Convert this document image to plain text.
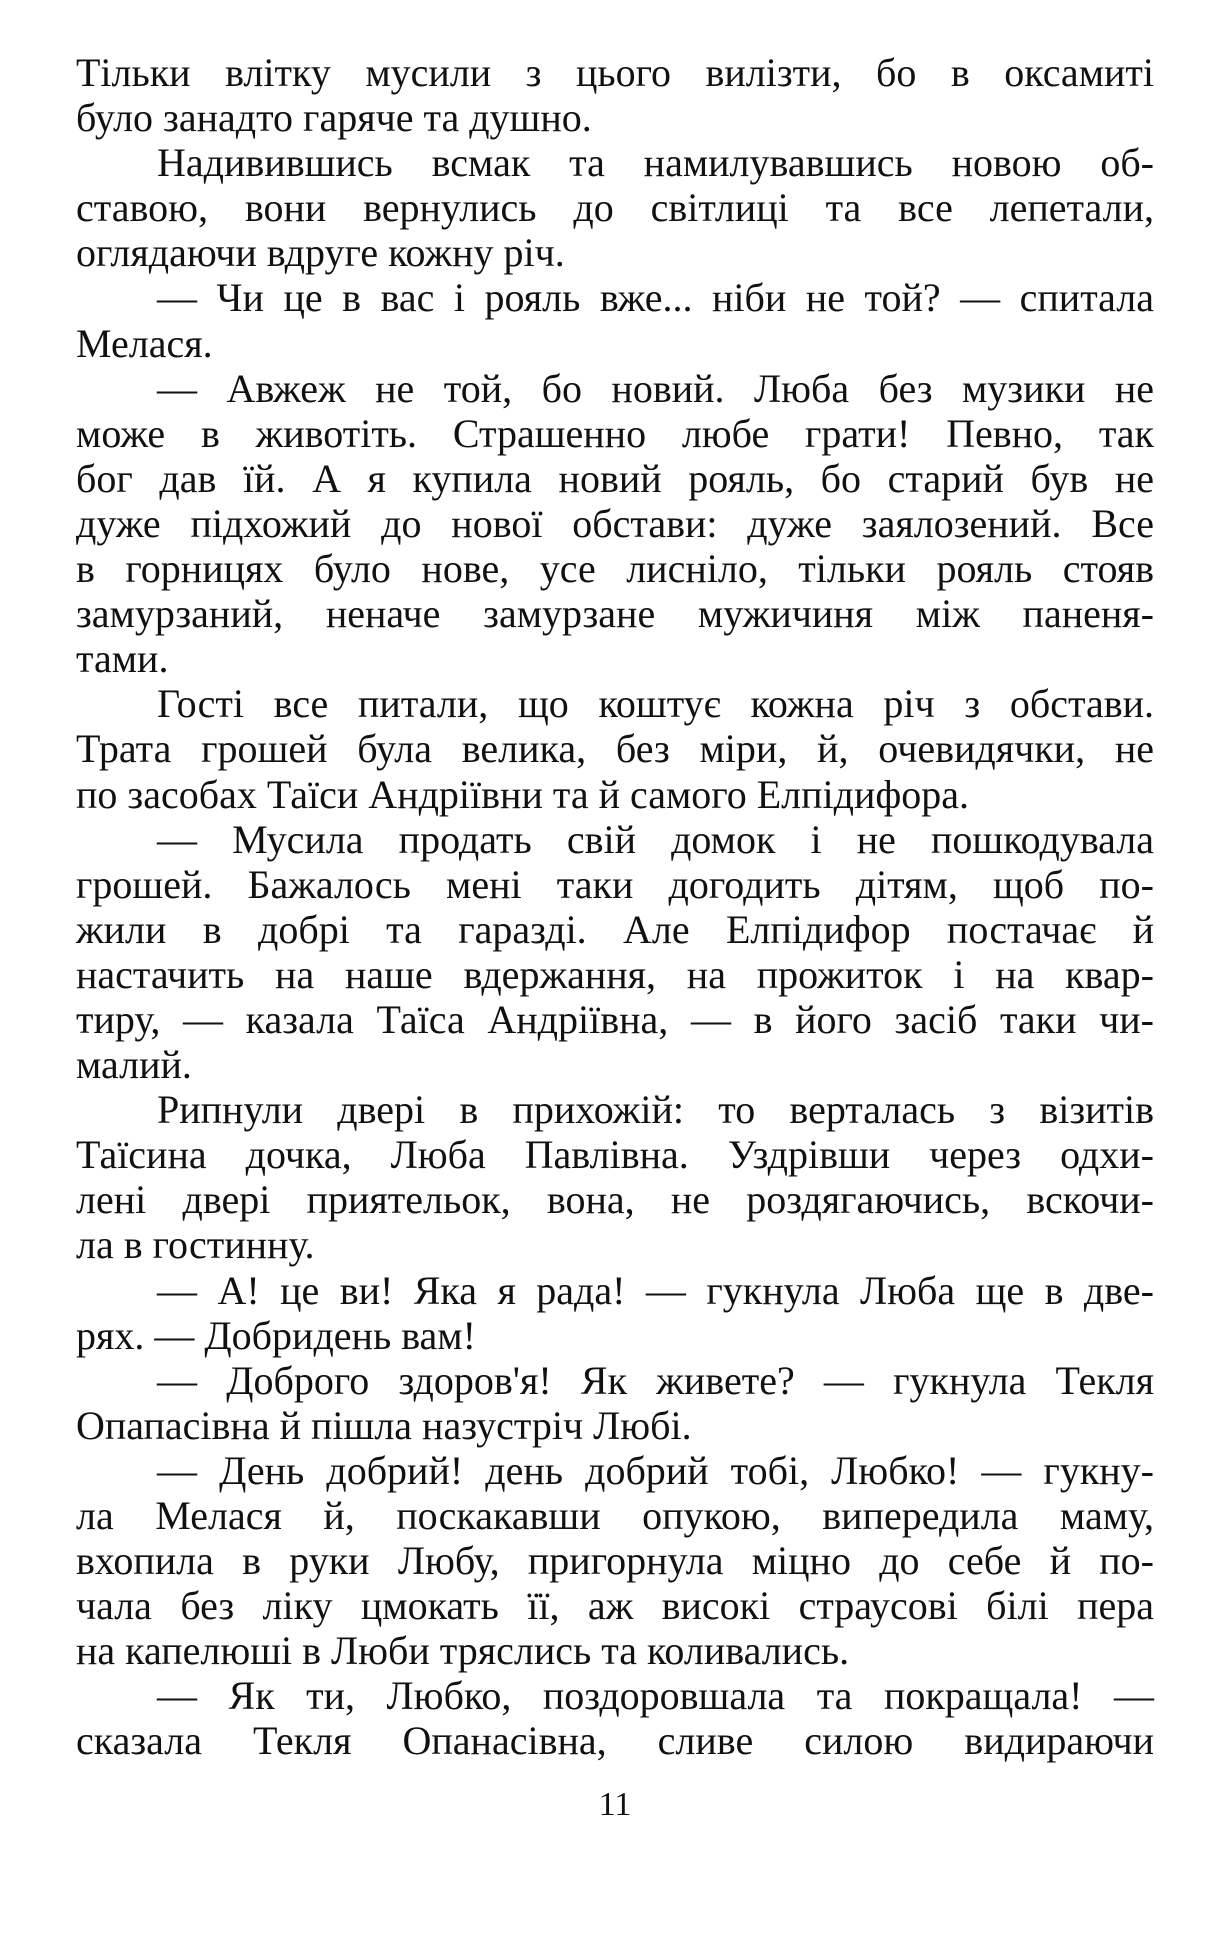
Тільки влітку мусили з цього вилізти, бо в оксамиті
було занадто гаряче та душно.
Надивившись всмак та намилувавшись новою об-
ставою, вони вернулись до світлиці та все лепетали,
оглядаючи вдруге кожну річ.
— Чи це в вас і рояль вже... ніби не той? — спитала
Мелася.
— Авжеж не той, бо новий. Люба без музики не
може в животіть. Страшенно любе грати! Певно, так
бог дав їй. А я купила новий рояль, бо старий був не
дуже підхожий до нової обстави: дуже заялозений. Все
в горницях було нове, усе лисніло, тільки рояль стояв
замурзаний, неначе замурзане мужичиня між паненя-
тами.
Гості все питали, що коштує кожна річ з обстави.
Трата грошей була велика, без міри, й, очевидячки, не
по засобах Таїси Андріївни та й самого Елпідифора.
— Мусила продать свій домок і не пошкодувала
грошей. Бажалось мені таки догодить дітям, щоб по-
жили в добрі та гаразді. Але Елпідифор постачає й
настачить на наше вдержання, на прожиток і на квар-
тиру, — казала Таїса Андріївна, — в його засіб таки чи-
малий.
Рипнули двері в прихожій: то верталась з візитів
Таїсина дочка, Люба Павлівна. Уздрівши через одхи-
лені двері приятельок, вона, не роздягаючись, вскочи-
ла в гостинну.
— А! це ви! Яка я рада! — гукнула Люба ще в две-
рях. — Добридень вам!
— Доброго здоров'я! Як живете? — гукнула Текля
Опапасівна й пішла назустріч Любі.
— День добрий! день добрий тобі, Любко! — гукну-
ла Мелася й, поскакавши опукою, випередила маму,
вхопила в руки Любу, пригорнула міцно до себе й по-
чала без ліку цмокать її, аж високі страусові білі пера
на капелюші в Люби тряслись та коливались.
— Як ти, Любко, поздоровшала та покращала! —
сказала Текля Опанасівна, сливе силою видираючи
11
